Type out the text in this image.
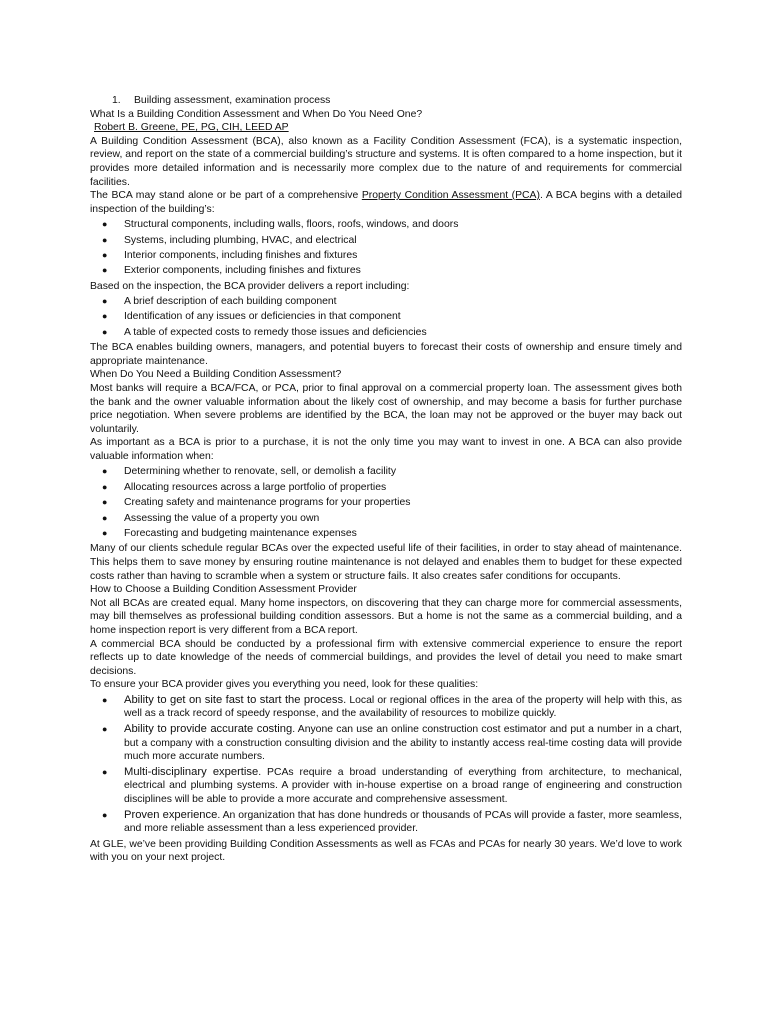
1. Building assessment, examination process

What Is a Building Condition Assessment and When Do You Need One?

Robert B. Greene, PE, PG, CIH, LEED AP

A Building Condition Assessment (BCA), also known as a Facility Condition Assessment (FCA), is a systematic inspection, review, and report on the state of a commercial building’s structure and systems. It is often compared to a home inspection, but it provides more detailed information and is necessarily more complex due to the nature of and requirements for commercial facilities.

The BCA may stand alone or be part of a comprehensive Property Condition Assessment (PCA). A BCA begins with a detailed inspection of the building’s:

● Structural components, including walls, floors, roofs, windows, and doors
● Systems, including plumbing, HVAC, and electrical
● Interior components, including finishes and fixtures
● Exterior components, including finishes and fixtures

Based on the inspection, the BCA provider delivers a report including:

● A brief description of each building component
● Identification of any issues or deficiencies in that component
● A table of expected costs to remedy those issues and deficiencies

The BCA enables building owners, managers, and potential buyers to forecast their costs of ownership and ensure timely and appropriate maintenance.

When Do You Need a Building Condition Assessment?

Most banks will require a BCA/FCA, or PCA, prior to final approval on a commercial property loan. The assessment gives both the bank and the owner valuable information about the likely cost of ownership, and may become a basis for further purchase price negotiation. When severe problems are identified by the BCA, the loan may not be approved or the buyer may back out voluntarily.

As important as a BCA is prior to a purchase, it is not the only time you may want to invest in one. A BCA can also provide valuable information when:

● Determining whether to renovate, sell, or demolish a facility
● Allocating resources across a large portfolio of properties
● Creating safety and maintenance programs for your properties
● Assessing the value of a property you own
● Forecasting and budgeting maintenance expenses

Many of our clients schedule regular BCAs over the expected useful life of their facilities, in order to stay ahead of maintenance. This helps them to save money by ensuring routine maintenance is not delayed and enables them to budget for these expected costs rather than having to scramble when a system or structure fails. It also creates safer conditions for occupants.

How to Choose a Building Condition Assessment Provider

Not all BCAs are created equal. Many home inspectors, on discovering that they can charge more for commercial assessments, may bill themselves as professional building condition assessors. But a home is not the same as a commercial building, and a home inspection report is very different from a BCA report.

A commercial BCA should be conducted by a professional firm with extensive commercial experience to ensure the report reflects up to date knowledge of the needs of commercial buildings, and provides the level of detail you need to make smart decisions.

To ensure your BCA provider gives you everything you need, look for these qualities:

● Ability to get on site fast to start the process. Local or regional offices in the area of the property will help with this, as well as a track record of speedy response, and the availability of resources to mobilize quickly.
● Ability to provide accurate costing. Anyone can use an online construction cost estimator and put a number in a chart, but a company with a construction consulting division and the ability to instantly access real-time costing data will provide much more accurate numbers.
● Multi-disciplinary expertise. PCAs require a broad understanding of everything from architecture, to mechanical, electrical and plumbing systems. A provider with in-house expertise on a broad range of engineering and construction disciplines will be able to provide a more accurate and comprehensive assessment.
● Proven experience. An organization that has done hundreds or thousands of PCAs will provide a faster, more seamless, and more reliable assessment than a less experienced provider.

At GLE, we’ve been providing Building Condition Assessments as well as FCAs and PCAs for nearly 30 years. We’d love to work with you on your next project.
